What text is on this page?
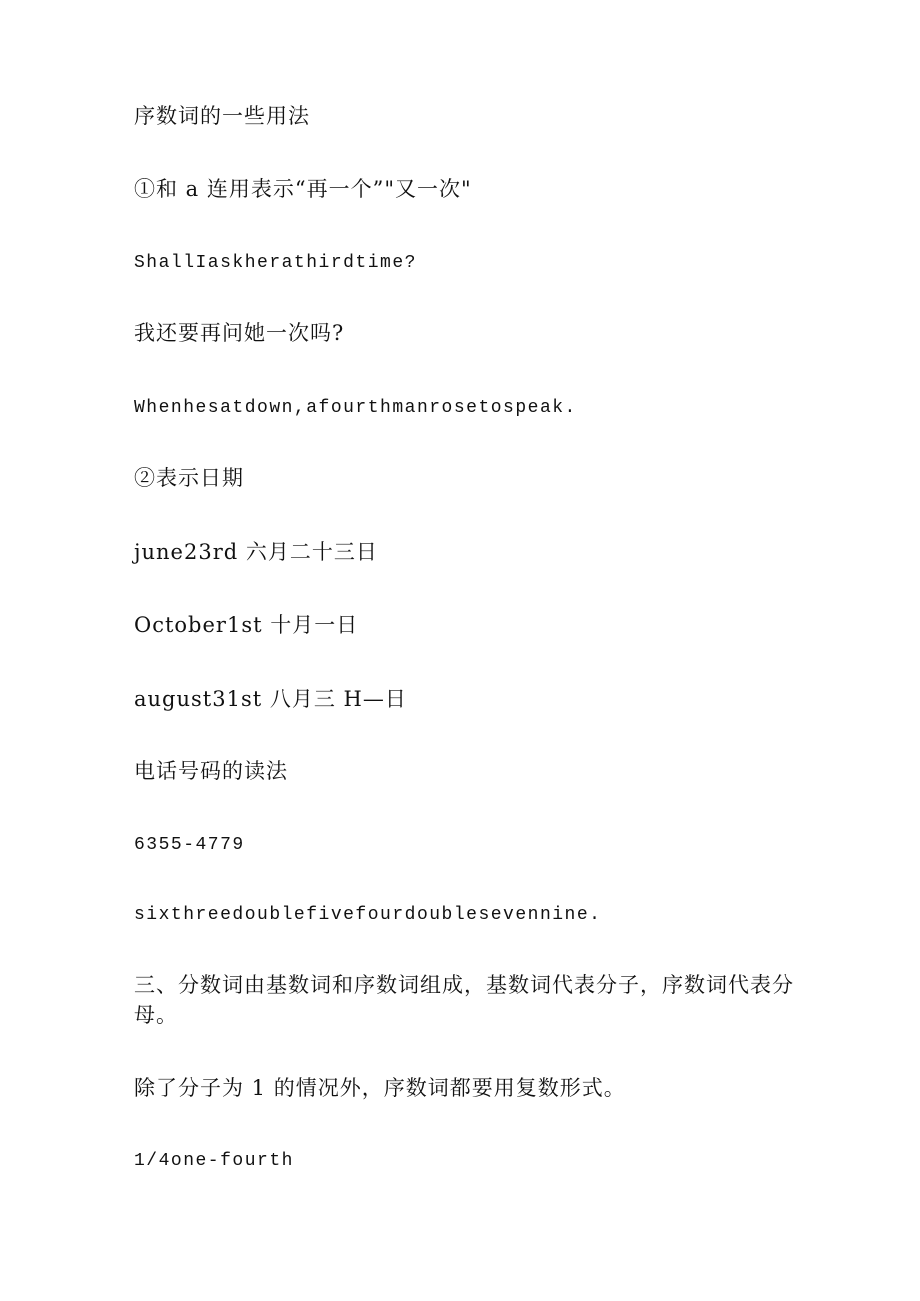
序数词的一些用法

①和 a 连用表示“再一个”"又一次"

ShallIaskherathirdtime?

我还要再问她一次吗?

Whenhesatdown,afourthmanrosetospeak.

②表示日期

june23rd 六月二十三日

October1st 十月一日

august31st 八月三 H—日

电话号码的读法

6355-4779

sixthreedoublefivefourdoublesevennine.

三、分数词由基数词和序数词组成，基数词代表分子，序数词代表分母。

除了分子为 1 的情况外，序数词都要用复数形式。

1/4one-fourth
